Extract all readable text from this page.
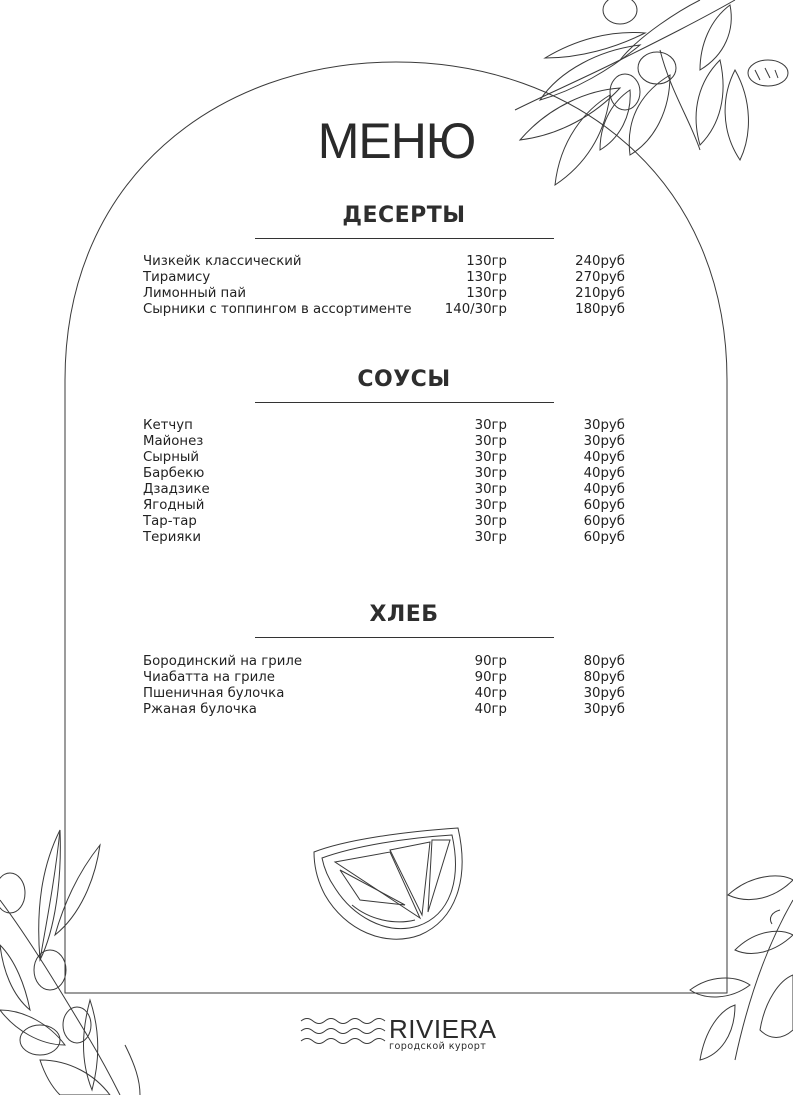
МЕНЮ
ДЕСЕРТЫ
Чизкейк классический	130гр	240руб
Тирамису	130гр	270руб
Лимонный пай	130гр	210руб
Сырники с топпингом в ассортименте 140/30гр	180руб
СОУСЫ
Кетчуп	30гр	30руб
Майонез	30гр	30руб
Сырный	30гр	40руб
Барбекю	30гр	40руб
Дзадзике	30гр	40руб
Ягодный	30гр	60руб
Тар-тар	30гр	60руб
Терияки	30гр	60руб
ХЛЕБ
Бородинский на гриле	90гр	80руб
Чиабатта на гриле	90гр	80руб
Пшеничная булочка	40гр	30руб
Ржаная булочка	40гр	30руб
RIVIERA
городской курорт
